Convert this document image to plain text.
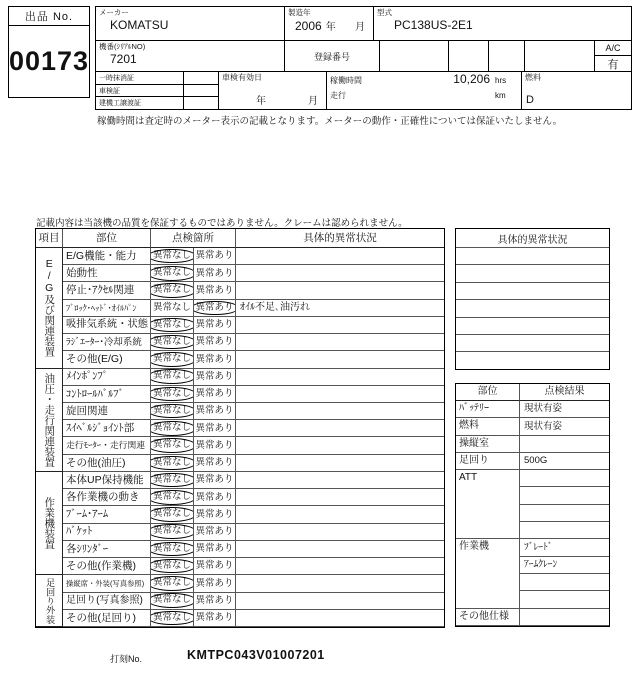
出品 No.
00173
メーカー
KOMATSU
製造年
2006 年 月
型式
PC138US-2E1
機番(ｼﾘｱﾙNO)
7201	登録番号
A/C
有
一時抹消証
車検証
建機工譲渡証
車検有効日
年	月
稼働時間	10,206 hrs
走行	km
燃料
D
稼働時間は査定時のメーター表示の記載となります。メーターの動作・正確性については保証いたしません。
記載内容は当該機の品質を保証するものではありません。クレームは認められません。
項目	部位	点検箇所	具体的異常状況
E/G及び関連装置
E/G機能・能力	異常なし 異常あり
始動性	異常なし 異常あり
停止･ｱｸｾﾙ関連	異常なし 異常あり
ﾌﾞﾛｯｸ･ﾍｯﾄﾞ･ｵｲﾙﾊﾟﾝ	異常なし 異常あり ｵｲﾙ不足､油汚れ
吸排気系統・状態 異常なし 異常あり
ﾗｼﾞｴｰﾀｰ･冷却系統	異常なし 異常あり
その他(E/G)	異常なし 異常あり
油圧・走行関連装置	ﾒｲﾝﾎﾟﾝﾌﾟ	異常なし 異常あり
ｺﾝﾄﾛｰﾙﾊﾞﾙﾌﾞ	異常なし 異常あり
旋回関連	異常なし 異常あり
ｽｲﾍﾞﾙｼﾞｮｲﾝﾄ部	異常なし 異常あり
走行ﾓｰﾀｰ・走行関連 異常なし 異常あり
その他(油圧)	異常なし 異常あり
作業機装置
本体UP保持機能 異常なし 異常あり
各作業機の動き	異常なし 異常あり
ﾌﾞｰﾑ･ｱｰﾑ	異常なし 異常あり
ﾊﾞｹｯﾄ	異常なし 異常あり
各ｼﾘﾝﾀﾞｰ	異常なし 異常あり
その他(作業機)	異常なし 異常あり
足回り外装	操縦席・外装(写真参照) 異常なし 異常あり
足回り(写真参照)	異常なし 異常あり
その他(足回り)	異常なし 異常あり
具体的異常状況
部位	点検結果
ﾊﾞｯﾃﾘｰ	現状有姿
燃料	現状有姿
操縦室
足回り	500G
ATT
作業機	ﾌﾞﾚｰﾄﾞ
ｱｰﾑｸﾚｰﾝ
その他仕様
打刻No.	KMTPC043V01007201
